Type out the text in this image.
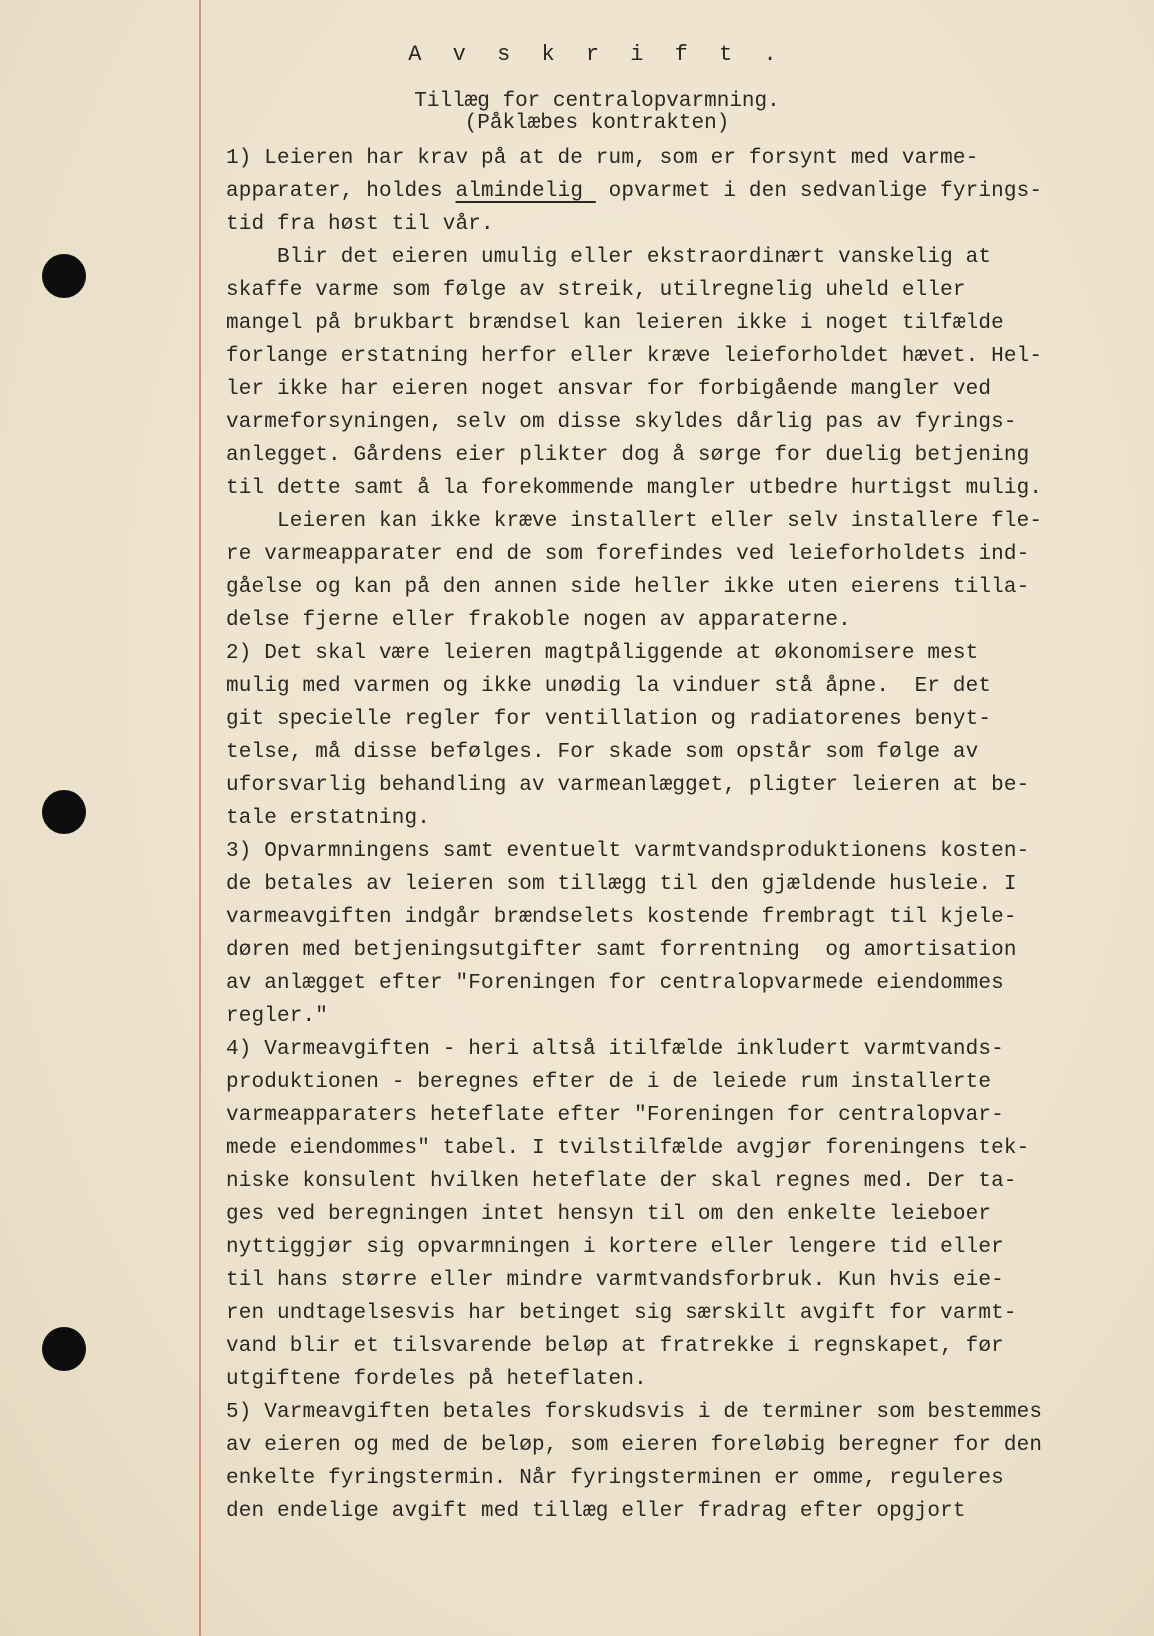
A v s k r i f t .
Tillæg for centralopvarmning.
(Påklæbes kontrakten)
1) Leieren har krav på at de rum, som er forsynt med varme-
apparater, holdes almindelig  opvarmet i den sedvanlige fyrings-
tid fra høst til vår.
Blir det eieren umulig eller ekstraordinært vanskelig at
skaffe varme som følge av streik, utilregnelig uheld eller
mangel på brukbart brændsel kan leieren ikke i noget tilfælde
forlange erstatning herfor eller kræve leieforholdet hævet. Hel-
ler ikke har eieren noget ansvar for forbigående mangler ved
varmeforsyningen, selv om disse skyldes dårlig pas av fyrings-
anlegget. Gårdens eier plikter dog å sørge for duelig betjening
til dette samt å la forekommende mangler utbedre hurtigst mulig.
Leieren kan ikke kræve installert eller selv installere fle-
re varmeapparater end de som forefindes ved leieforholdets ind-
gåelse og kan på den annen side heller ikke uten eierens tilla-
delse fjerne eller frakoble nogen av apparaterne.
2) Det skal være leieren magtpåliggende at økonomisere mest
mulig med varmen og ikke unødig la vinduer stå åpne.  Er det
git specielle regler for ventillation og radiatorenes benyt-
telse, må disse befølges. For skade som opstår som følge av
uforsvarlig behandling av varmeanlægget, pligter leieren at be-
tale erstatning.
3) Opvarmningens samt eventuelt varmtvandsproduktionens kosten-
de betales av leieren som tillægg til den gjældende husleie. I
varmeavgiften indgår brændselets kostende frembragt til kjele-
døren med betjeningsutgifter samt forrentning  og amortisation
av anlægget efter "Foreningen for centralopvarmede eiendommes
regler."
4) Varmeavgiften - heri altså itilfælde inkludert varmtvands-
produktionen - beregnes efter de i de leiede rum installerte
varmeapparaters heteflate efter "Foreningen for centralopvar-
mede eiendommes" tabel. I tvilstilfælde avgjør foreningens tek-
niske konsulent hvilken heteflate der skal regnes med. Der ta-
ges ved beregningen intet hensyn til om den enkelte leieboer
nyttiggjør sig opvarmningen i kortere eller lengere tid eller
til hans større eller mindre varmtvandsforbruk. Kun hvis eie-
ren undtagelsesvis har betinget sig særskilt avgift for varmt-
vand blir et tilsvarende beløp at fratrekke i regnskapet, før
utgiftene fordeles på heteflaten.
5) Varmeavgiften betales forskudsvis i de terminer som bestemmes
av eieren og med de beløp, som eieren foreløbig beregner for den
enkelte fyringstermin. Når fyringsterminen er omme, reguleres
den endelige avgift med tillæg eller fradrag efter opgjort
